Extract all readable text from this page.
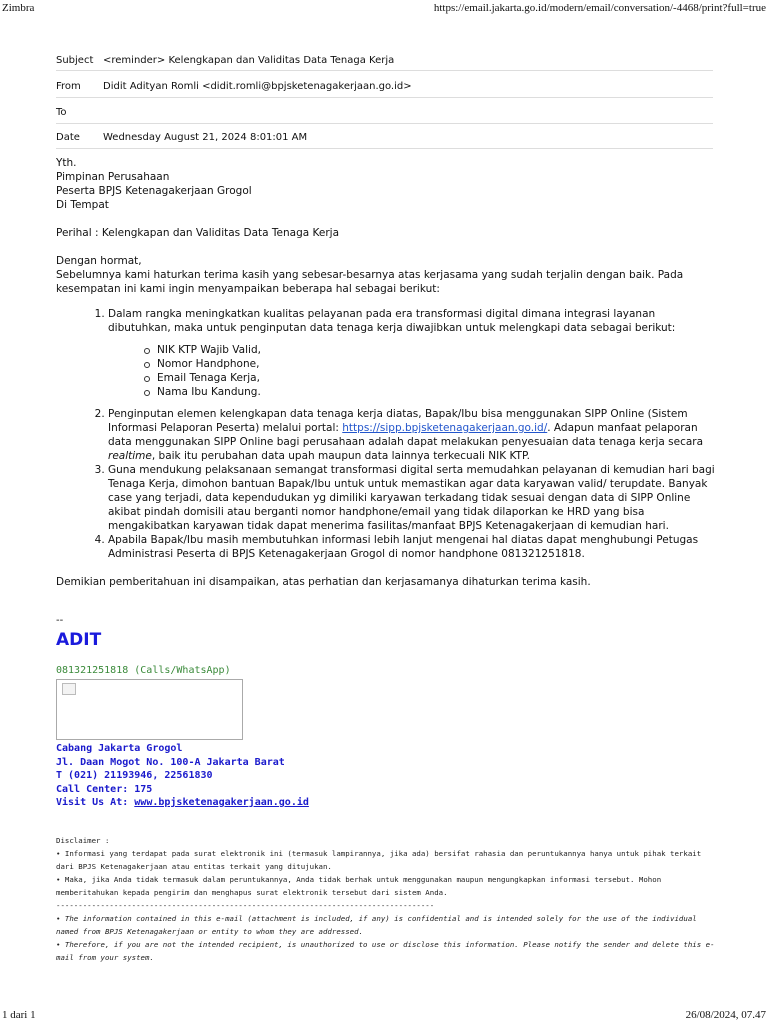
Zimbra	https://email.jakarta.go.id/modern/email/conversation/-4468/print?full=true
Subject <reminder> Kelengkapan dan Validitas Data Tenaga Kerja
From Didit Adityan Romli <didit.romli@bpjsketenagakerjaan.go.id>
To
Date Wednesday August 21, 2024 8:01:01 AM

Yth.

Pimpinan Perusahaan

Peserta BPJS Ketenagakerjaan Grogol

Di Tempat

Perihal : Kelengkapan dan Validitas Data Tenaga Kerja

Dengan hormat,

Sebelumnya kami haturkan terima kasih yang sebesar-besarnya atas kerjasama yang sudah terjalin dengan baik. Pada kesempatan ini kami ingin menyampaikan beberapa hal sebagai berikut:

1. Dalam rangka meningkatkan kualitas pelayanan pada era transformasi digital dimana integrasi layanan dibutuhkan, maka untuk penginputan data tenaga kerja diwajibkan untuk melengkapi data sebagai berikut:
NIK KTP Wajib Valid,
Nomor Handphone,
Email Tenaga Kerja,
Nama Ibu Kandung.
2. Penginputan elemen kelengkapan data tenaga kerja diatas, Bapak/Ibu bisa menggunakan SIPP Online (Sistem Informasi Pelaporan Peserta) melalui portal: https://sipp.bpjsketenagakerjaan.go.id/. Adapun manfaat pelaporan data menggunakan SIPP Online bagi perusahaan adalah dapat melakukan penyesuaian data tenaga kerja secara realtime, baik itu perubahan data upah maupun data lainnya terkecuali NIK KTP.
3. Guna mendukung pelaksanaan semangat transformasi digital serta memudahkan pelayanan di kemudian hari bagi Tenaga Kerja, dimohon bantuan Bapak/Ibu untuk untuk memastikan agar data karyawan valid/ terupdate. Banyak case yang terjadi, data kependudukan yg dimiliki karyawan terkadang tidak sesuai dengan data di SIPP Online akibat pindah domisili atau berganti nomor handphone/email yang tidak dilaporkan ke HRD yang bisa mengakibatkan karyawan tidak dapat menerima fasilitas/manfaat BPJS Ketenagakerjaan di kemudian hari.
4. Apabila Bapak/Ibu masih membutuhkan informasi lebih lanjut mengenai hal diatas dapat menghubungi Petugas Administrasi Peserta di BPJS Ketenagakerjaan Grogol di nomor handphone 081321251818.

Demikian pemberitahuan ini disampaikan, atas perhatian dan kerjasamanya dihaturkan terima kasih.

--
ADIT
081321251818 (Calls/WhatsApp)
Cabang Jakarta Grogol
Jl. Daan Mogot No. 100-A Jakarta Barat
T (021) 21193946, 22561830
Call Center: 175
Visit Us At: www.bpjsketenagakerjaan.go.id

Disclaimer :

• Informasi yang terdapat pada surat elektronik ini (termasuk lampirannya, jika ada) bersifat rahasia dan peruntukannya hanya untuk pihak terkait dari BPJS Ketenagakerjaan atau entitas terkait yang ditujukan.

• Maka, jika Anda tidak termasuk dalam peruntukannya, Anda tidak berhak untuk menggunakan maupun mengungkapkan informasi tersebut. Mohon memberitahukan kepada pengirim dan menghapus surat elektronik tersebut dari sistem Anda.

-------------------------------------------------------------------------------------

• The information contained in this e-mail (attachment is included, if any) is confidential and is intended solely for the use of the individual named from BPJS Ketenagakerjaan or entity to whom they are addressed.

• Therefore, if you are not the intended recipient, is unauthorized to use or disclose this information. Please notify the sender and delete this e-mail from your system.

1 dari 1	26/08/2024, 07.47
